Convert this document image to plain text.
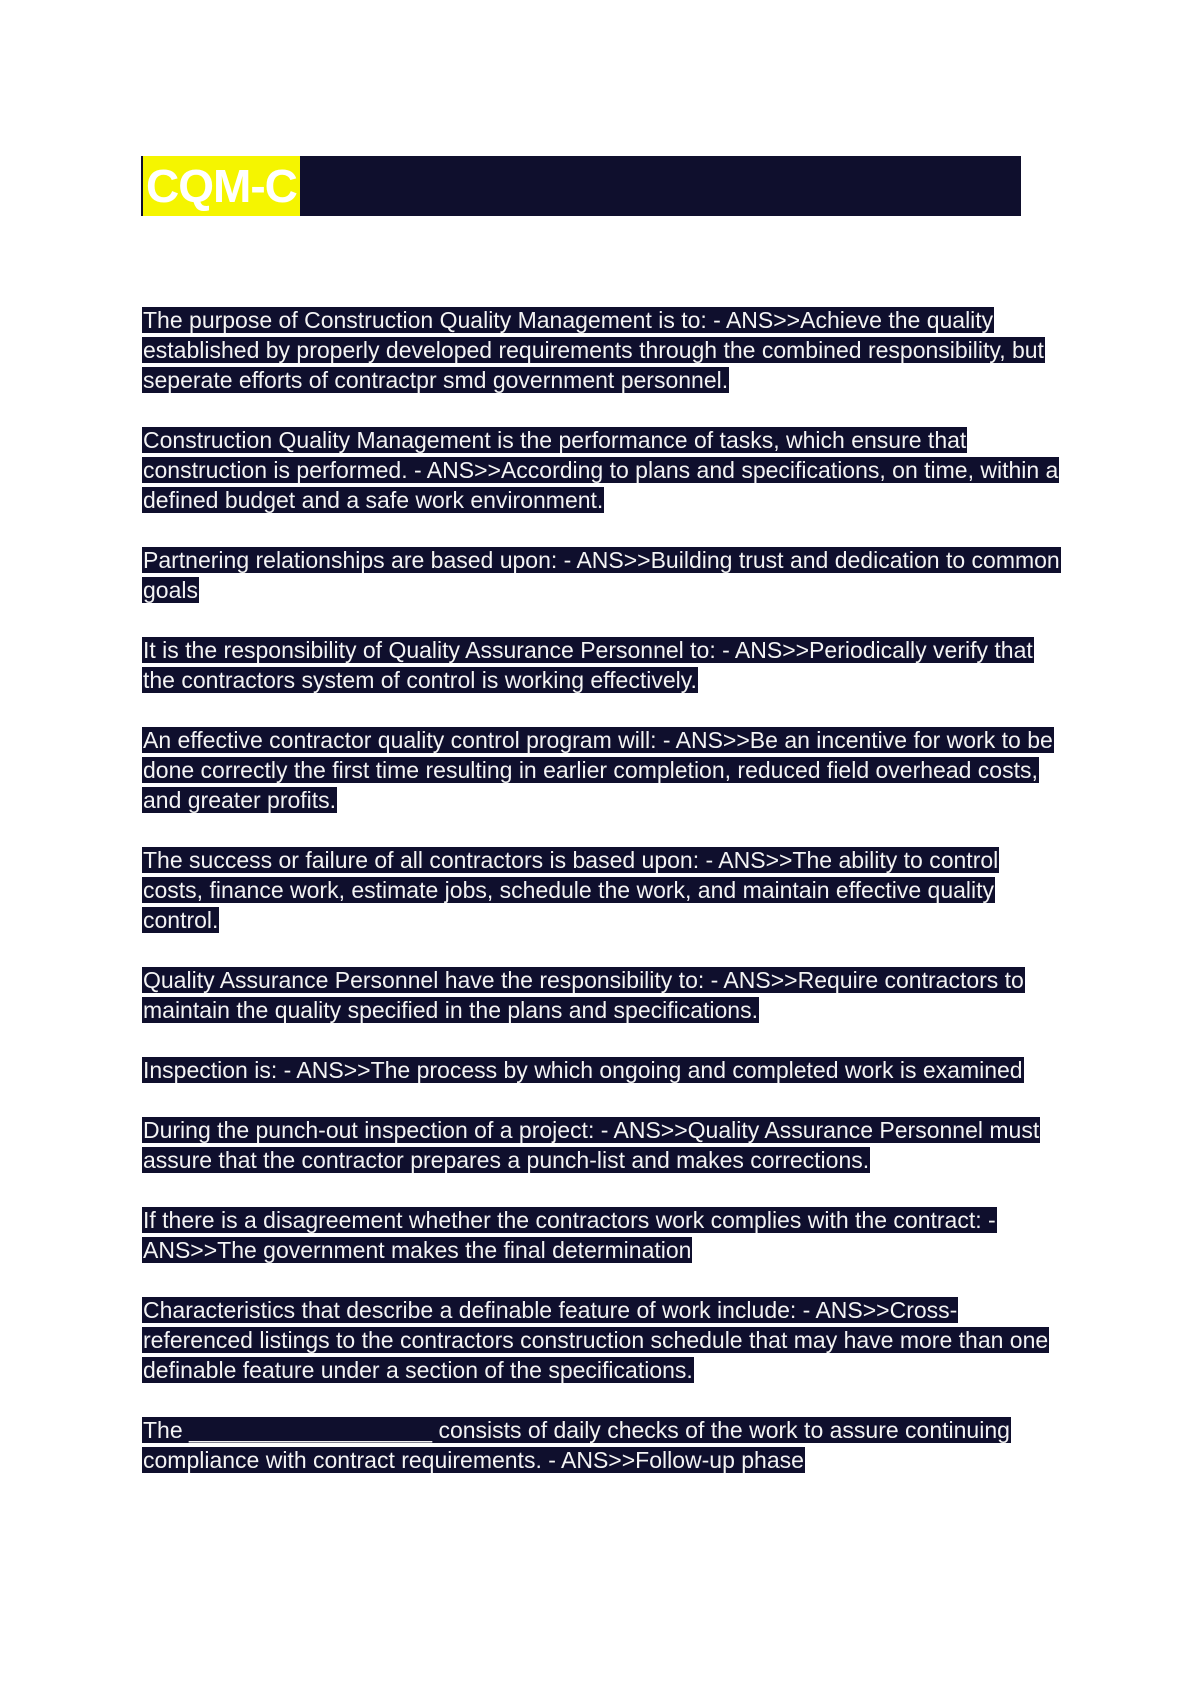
CQM-C

The purpose of Construction Quality Management is to: - ANS>>Achieve the quality established by properly developed requirements through the combined responsibility, but seperate efforts of contractpr smd government personnel.

Construction Quality Management is the performance of tasks, which ensure that construction is performed. - ANS>>According to plans and specifications, on time, within a defined budget and a safe work environment.

Partnering relationships are based upon: - ANS>>Building trust and dedication to common goals

It is the responsibility of Quality Assurance Personnel to: - ANS>>Periodically verify that the contractors system of control is working effectively.

An effective contractor quality control program will: - ANS>>Be an incentive for work to be done correctly the first time resulting in earlier completion, reduced field overhead costs, and greater profits.

The success or failure of all contractors is based upon: - ANS>>The ability to control costs, finance work, estimate jobs, schedule the work, and maintain effective quality control.

Quality Assurance Personnel have the responsibility to: - ANS>>Require contractors to maintain the quality specified in the plans and specifications.

Inspection is: - ANS>>The process by which ongoing and completed work is examined

During the punch-out inspection of a project: - ANS>>Quality Assurance Personnel must assure that the contractor prepares a punch-list and makes corrections.

If there is a disagreement whether the contractors work complies with the contract: - ANS>>The government makes the final determination

Characteristics that describe a definable feature of work include: - ANS>>Cross-referenced listings to the contractors construction schedule that may have more than one definable feature under a section of the specifications.

The ___________________ consists of daily checks of the work to assure continuing compliance with contract requirements. - ANS>>Follow-up phase
